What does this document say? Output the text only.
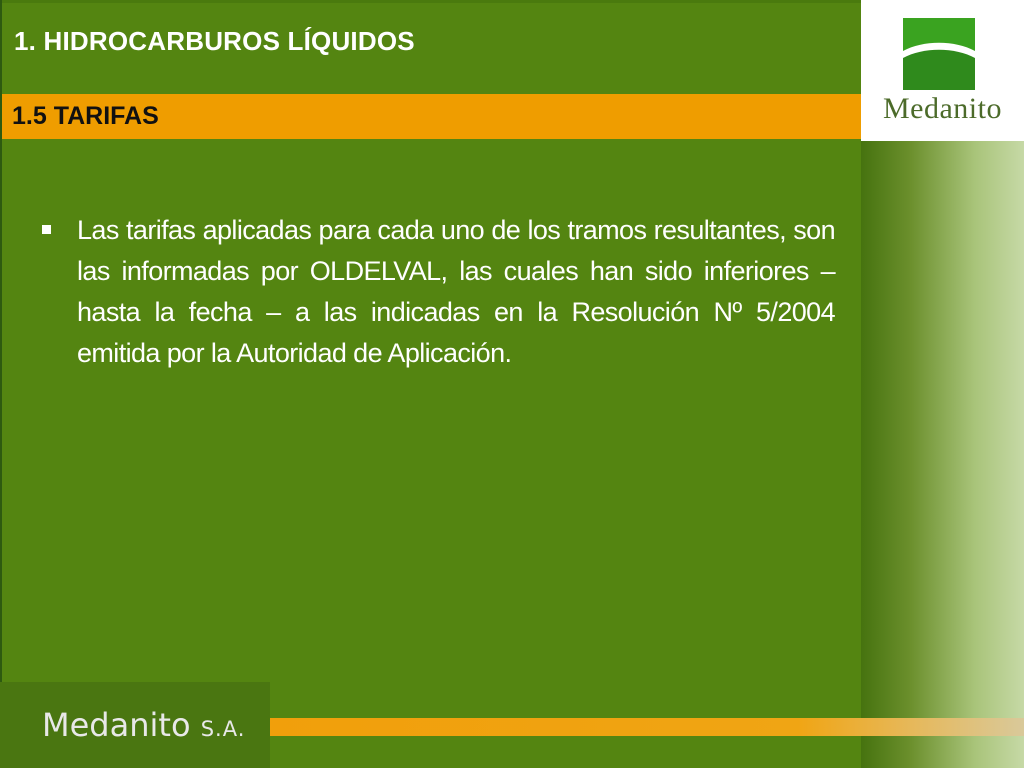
1. HIDROCARBUROS LÍQUIDOS
1.5 TARIFAS
Las tarifas aplicadas para cada uno de los tramos resultantes, son las informadas por OLDELVAL, las cuales han sido inferiores – hasta la fecha – a las indicadas en la Resolución Nº 5/2004 emitida por la Autoridad de Aplicación.
Medanito
Medanito S.A.
